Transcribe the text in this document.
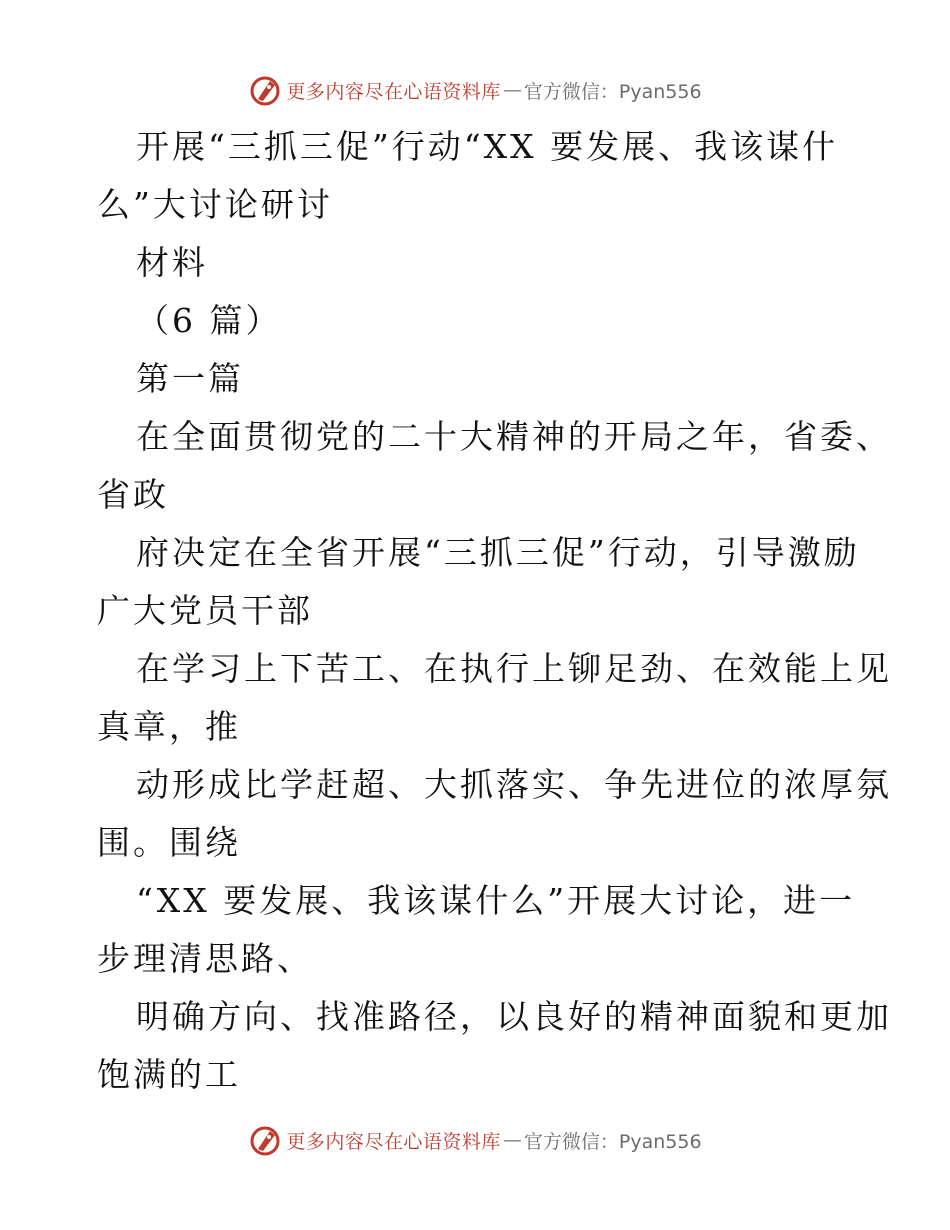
更多内容尽在心语资料库 — 官方微信：Pyan556
开展“三抓三促”行动“XX 要发展、我该谋什
么”大讨论研讨
材料
（6 篇）
第一篇
在全面贯彻党的二十大精神的开局之年，省委、
省政
府决定在全省开展“三抓三促”行动，引导激励
广大党员干部
在学习上下苦工、在执行上铆足劲、在效能上见
真章，推
动形成比学赶超、大抓落实、争先进位的浓厚氛
围。围绕
“XX 要发展、我该谋什么”开展大讨论，进一
步理清思路、
明确方向、找准路径，以良好的精神面貌和更加
饱满的工
更多内容尽在心语资料库 — 官方微信：Pyan556
